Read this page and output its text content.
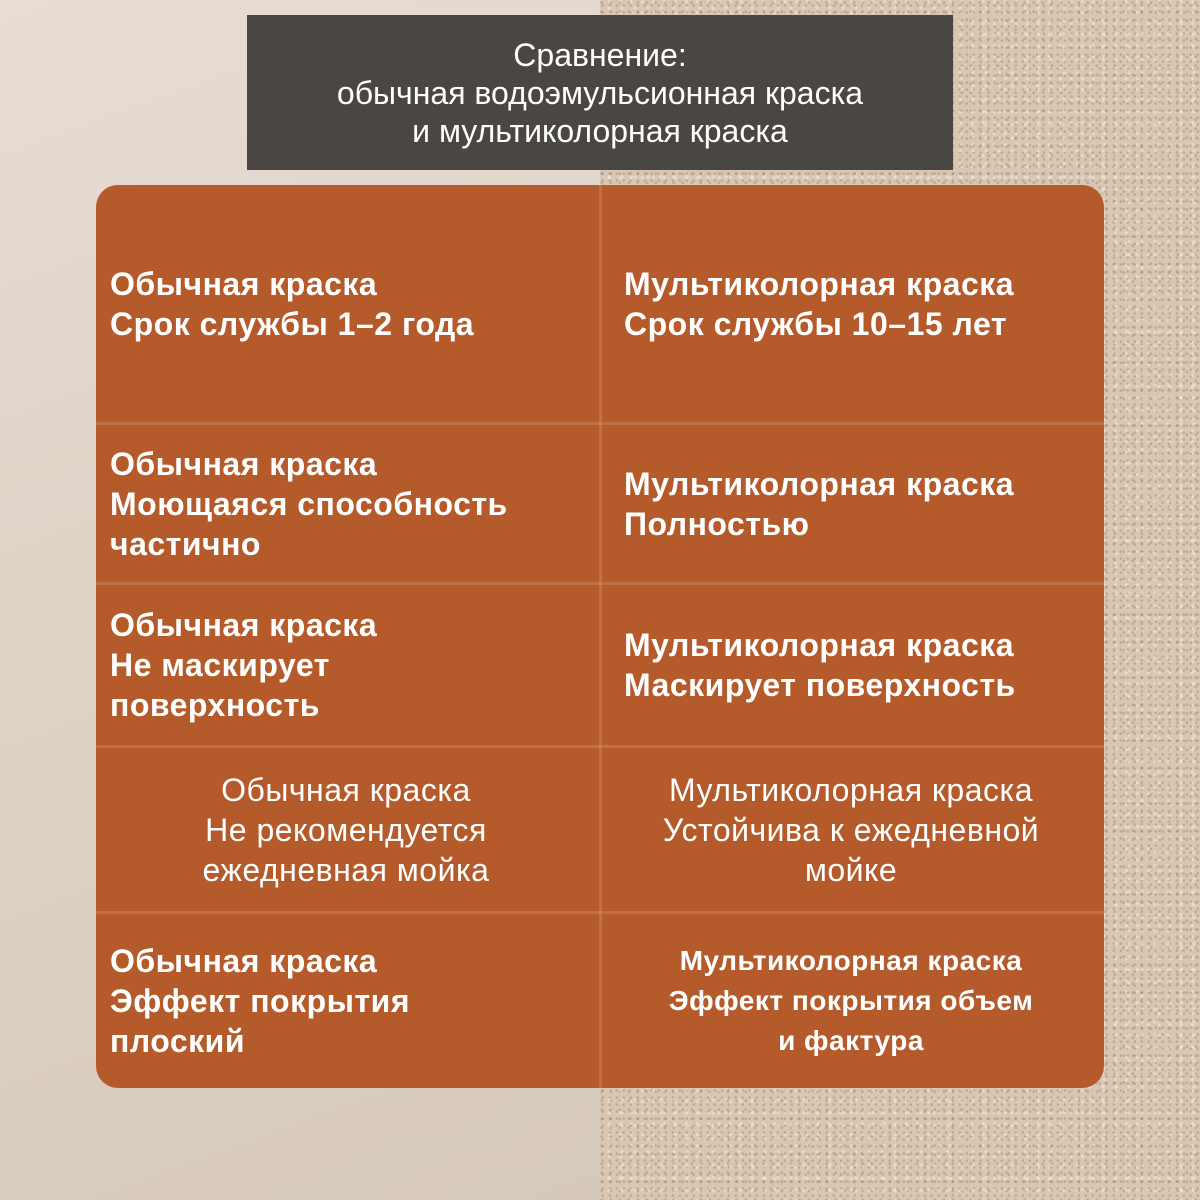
Сравнение:
обычная водоэмульсионная краска
и мультиколорная краска
Обычная краска
Срок службы 1–2 года
Мультиколорная краска
Срок службы 10–15 лет
Обычная краска
Моющаяся способность
частично
Мультиколорная краска
Полностью
Обычная краска
Не маскирует
поверхность
Мультиколорная краска
Маскирует поверхность
Обычная краска
Не рекомендуется
ежедневная мойка
Мультиколорная краска
Устойчива к ежедневной
мойке
Обычная краска
Эффект покрытия
плоский
Мультиколорная краска
Эффект покрытия объем
и фактура
